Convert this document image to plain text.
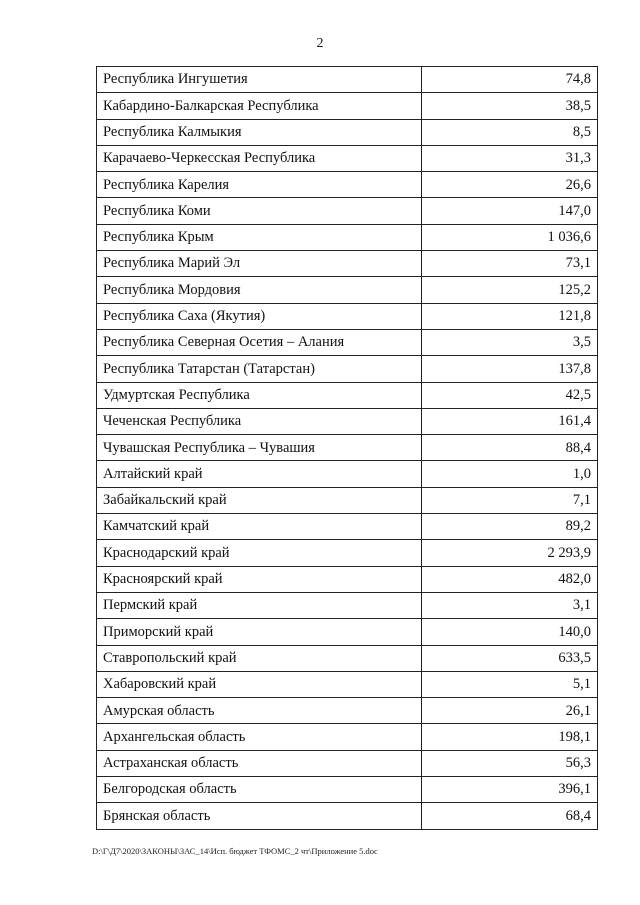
2
Республика Ингушетия	74,8
Кабардино-Балкарская Республика	38,5
Республика Калмыкия	8,5
Карачаево-Черкесская Республика	31,3
Республика Карелия	26,6
Республика Коми	147,0
Республика Крым	1 036,6
Республика Марий Эл	73,1
Республика Мордовия	125,2
Республика Саха (Якутия)	121,8
Республика Северная Осетия – Алания	3,5
Республика Татарстан (Татарстан)	137,8
Удмуртская Республика	42,5
Чеченская Республика	161,4
Чувашская Республика – Чувашия	88,4
Алтайский край	1,0
Забайкальский край	7,1
Камчатский край	89,2
Краснодарский край	2 293,9
Красноярский край	482,0
Пермский край	3,1
Приморский край	140,0
Ставропольский край	633,5
Хабаровский край	5,1
Амурская область	26,1
Архангельская область	198,1
Астраханская область	56,3
Белгородская область	396,1
Брянская область	68,4
D:\Г\Д7\2020\ЗАКОНЫ\ЗАС_14\Исп. бюджет ТФОМС_2 чт\Приложение 5.doc
